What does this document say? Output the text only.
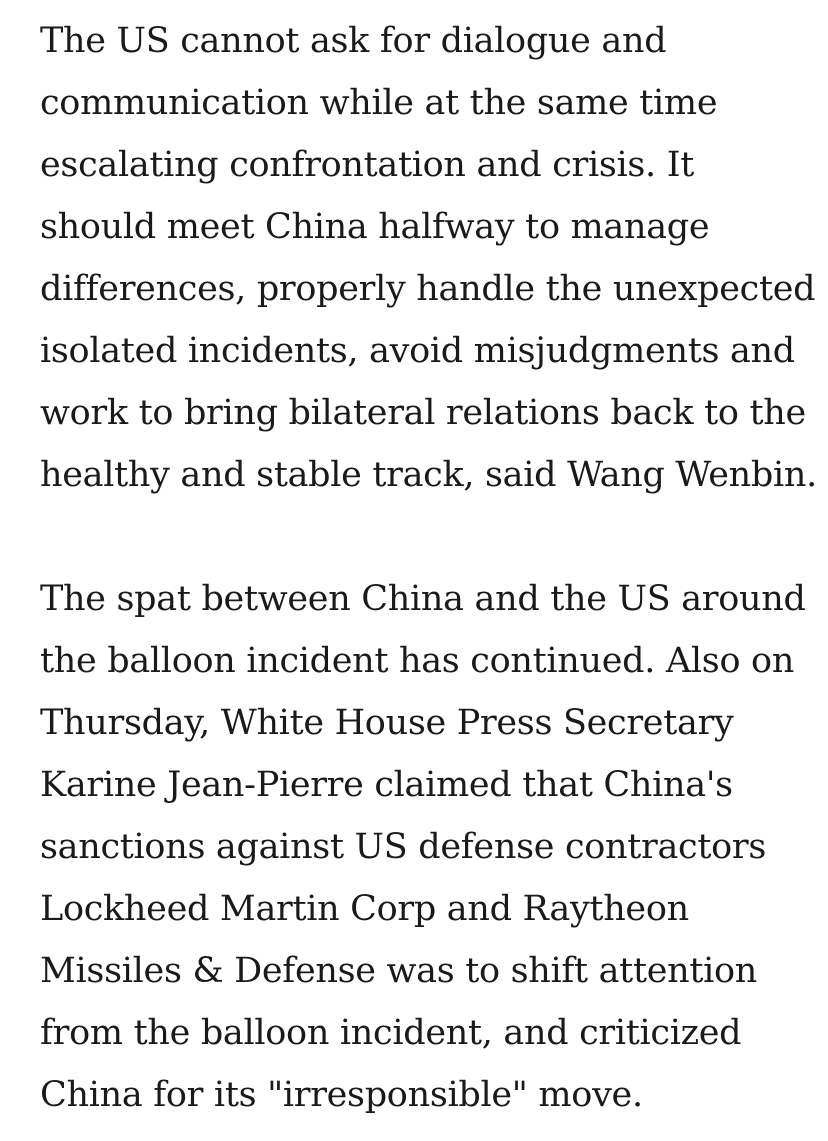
The US cannot ask for dialogue and
communication while at the same time
escalating confrontation and crisis. It
should meet China halfway to manage
differences, properly handle the unexpected
isolated incidents, avoid misjudgments and
work to bring bilateral relations back to the
healthy and stable track, said Wang Wenbin.

The spat between China and the US around
the balloon incident has continued. Also on
Thursday, White House Press Secretary
Karine Jean-Pierre claimed that China's
sanctions against US defense contractors
Lockheed Martin Corp and Raytheon
Missiles & Defense was to shift attention
from the balloon incident, and criticized
China for its "irresponsible" move.
